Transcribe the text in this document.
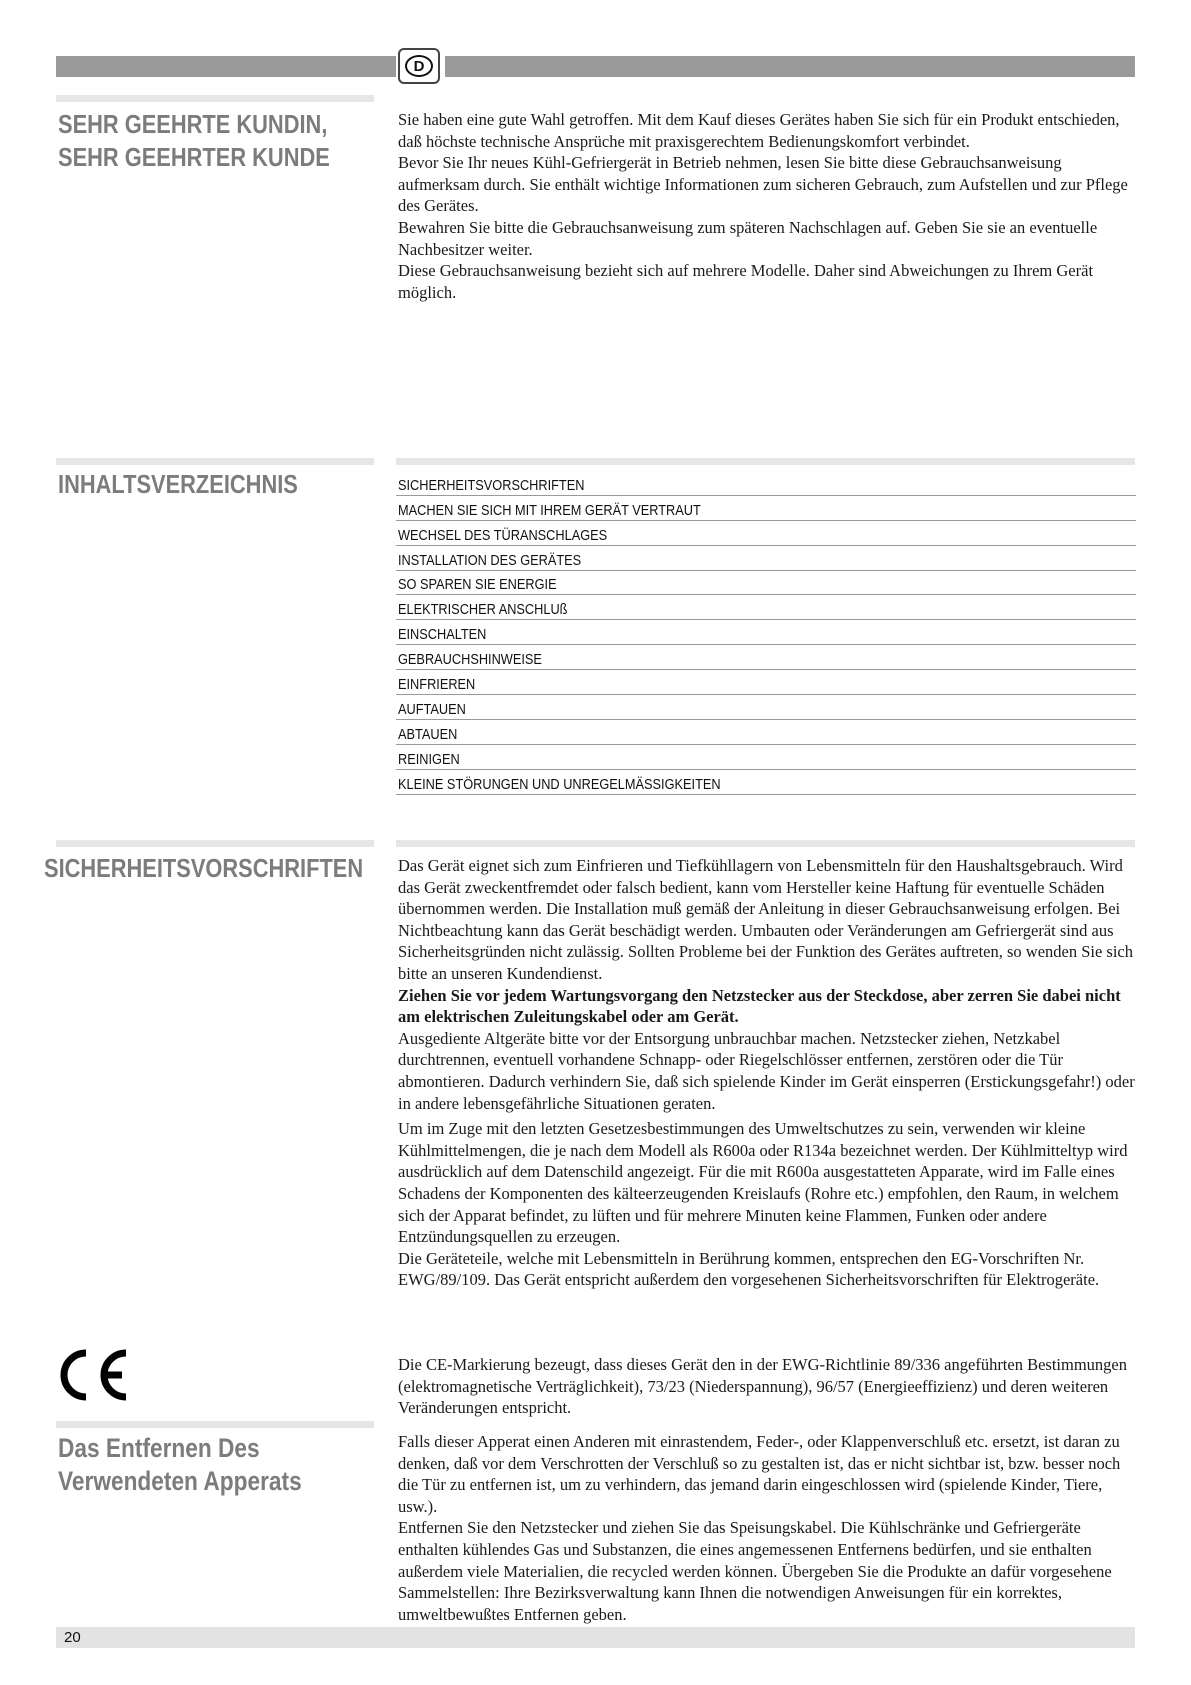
D
SEHR GEEHRTE KUNDIN,
SEHR GEEHRTER KUNDE

Sie haben eine gute Wahl getroffen. Mit dem Kauf dieses Gerätes haben Sie sich für ein Produkt entschieden, daß höchste technische Ansprüche mit praxisgerechtem Bedienungskomfort verbindet.

Bevor Sie Ihr neues Kühl-Gefriergerät in Betrieb nehmen, lesen Sie bitte diese Gebrauchsanweisung aufmerksam durch. Sie enthält wichtige Informationen zum sicheren Gebrauch, zum Aufstellen und zur Pflege des Gerätes.

Bewahren Sie bitte die Gebrauchsanweisung zum späteren Nachschlagen auf. Geben Sie sie an eventuelle Nachbesitzer weiter.

Diese Gebrauchsanweisung bezieht sich auf mehrere Modelle. Daher sind Abweichungen zu Ihrem Gerät möglich.

INHALTSVERZEICHNIS	SICHERHEITSVORSCHRIFTEN
MACHEN SIE SICH MIT IHREM GERÄT VERTRAUT
WECHSEL DES TÜRANSCHLAGES
INSTALLATION DES GERÄTES
SO SPAREN SIE ENERGIE
ELEKTRISCHER ANSCHLUß
EINSCHALTEN
GEBRAUCHSHINWEISE
EINFRIEREN
AUFTAUEN
ABTAUEN
REINIGEN
KLEINE STÖRUNGEN UND UNREGELMÄSSIGKEITEN
SICHERHEITSVORSCHRIFTEN Das Gerät eignet sich zum Einfrieren und Tiefkühllagern von Lebensmitteln für den Haushaltsgebrauch. Wird das Gerät zweckentfremdet oder falsch bedient, kann vom Hersteller keine Haftung für eventuelle Schäden übernommen werden. Die Installation muß gemäß der Anleitung in dieser Gebrauchsanweisung erfolgen. Bei Nichtbeachtung kann das Gerät beschädigt werden. Umbauten oder Veränderungen am Gefriergerät sind aus Sicherheitsgründen nicht zulässig. Sollten Probleme bei der Funktion des Gerätes auftreten, so wenden Sie sich bitte an unseren Kundendienst.

Ziehen Sie vor jedem Wartungsvorgang den Netzstecker aus der Steckdose, aber zerren Sie dabei nicht am elektrischen Zuleitungskabel oder am Gerät.

Ausgediente Altgeräte bitte vor der Entsorgung unbrauchbar machen. Netzstecker ziehen, Netzkabel durchtrennen, eventuell vorhandene Schnapp- oder Riegelschlösser entfernen, zerstören oder die Tür abmontieren. Dadurch verhindern Sie, daß sich spielende Kinder im Gerät einsperren (Erstickungsgefahr!) oder in andere lebensgefährliche Situationen geraten.

Um im Zuge mit den letzten Gesetzesbestimmungen des Umweltschutzes zu sein, verwenden wir kleine Kühlmittelmengen, die je nach dem Modell als R600a oder R134a bezeichnet werden. Der Kühlmitteltyp wird ausdrücklich auf dem Datenschild angezeigt. Für die mit R600a ausgestatteten Apparate, wird im Falle eines Schadens der Komponenten des kälteerzeugenden Kreislaufs (Rohre etc.) empfohlen, den Raum, in welchem sich der Apparat befindet, zu lüften und für mehrere Minuten keine Flammen, Funken oder andere Entzündungsquellen zu erzeugen.

Die Geräteteile, welche mit Lebensmitteln in Berührung kommen, entsprechen den EG-Vorschriften Nr. EWG/89/109. Das Gerät entspricht außerdem den vorgesehenen Sicherheitsvorschriften für Elektrogeräte.

Die CE-Markierung bezeugt, dass dieses Gerät den in der EWG-Richtlinie 89/336 angeführten Bestimmungen (elektromagnetische Verträglichkeit), 73/23 (Niederspannung), 96/57 (Energieeffizienz) und deren weiteren Veränderungen entspricht.

Das Entfernen Des
Verwendeten Apperats

Falls dieser Apperat einen Anderen mit einrastendem, Feder-, oder Klappenverschluß etc. ersetzt, ist daran zu denken, daß vor dem Verschrotten der Verschluß so zu gestalten ist, das er nicht sichtbar ist, bzw. besser noch die Tür zu entfernen ist, um zu verhindern, das jemand darin eingeschlossen wird (spielende Kinder, Tiere, usw.).

Entfernen Sie den Netzstecker und ziehen Sie das Speisungskabel. Die Kühlschränke und Gefriergeräte enthalten kühlendes Gas und Substanzen, die eines angemessenen Entfernens bedürfen, und sie enthalten außerdem viele Materialien, die recycled werden können. Übergeben Sie die Produkte an dafür vorgesehene Sammelstellen: Ihre Bezirksverwaltung kann Ihnen die notwendigen Anweisungen für ein korrektes, umweltbewußtes Entfernen geben.

20
